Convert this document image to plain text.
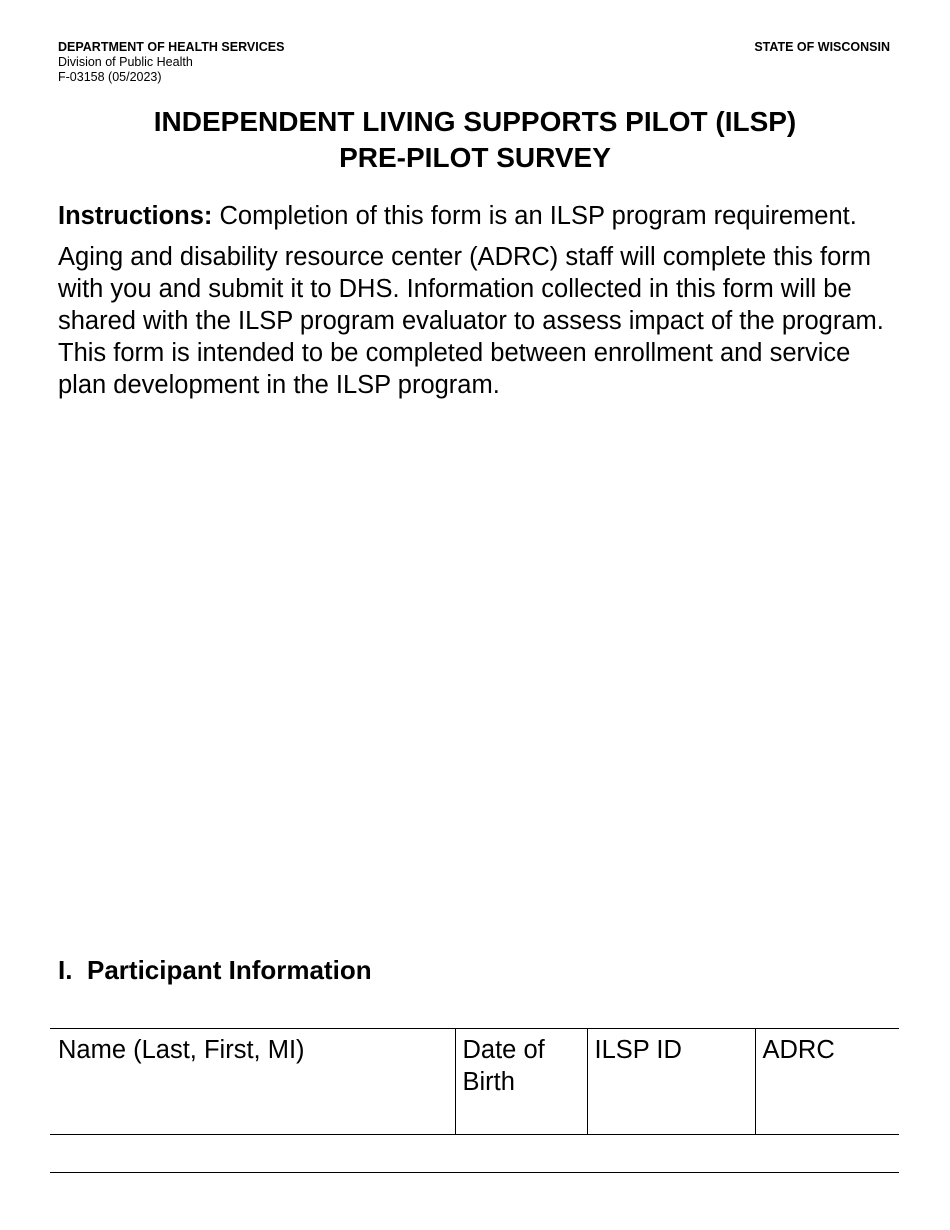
DEPARTMENT OF HEALTH SERVICES
Division of Public Health
F-03158 (05/2023)
STATE OF WISCONSIN
INDEPENDENT LIVING SUPPORTS PILOT (ILSP)
PRE-PILOT SURVEY

Instructions: Completion of this form is an ILSP program requirement.

Aging and disability resource center (ADRC) staff will complete this form with you and submit it to DHS. Information collected in this form will be shared with the ILSP program evaluator to assess impact of the program. This form is intended to be completed between enrollment and service plan development in the ILSP program.

I. Participant Information
Name (Last, First, MI)	Date of Birth	ILSP ID	ADRC
